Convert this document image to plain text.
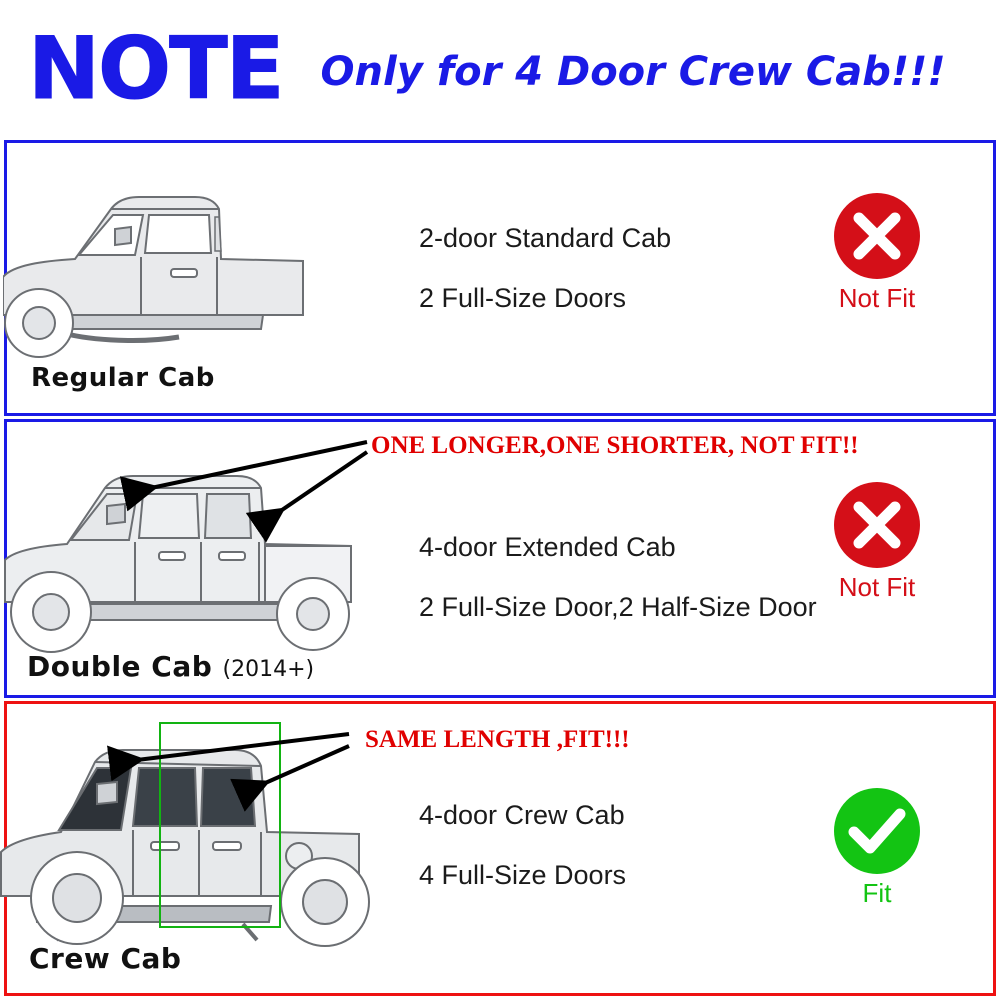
NOTE Only for 4 Door Crew Cab!!!
Regular Cab
2-door Standard Cab
2 Full-Size Doors	Not Fit
ONE LONGER,ONE SHORTER, NOT FIT!!
Double Cab (2014+)
4-door Extended Cab
2 Full-Size Door,2 Half-Size Door
Not Fit
SAME LENGTH ,FIT!!!
Crew Cab
4-door Crew Cab
4 Full-Size Doors
Fit
